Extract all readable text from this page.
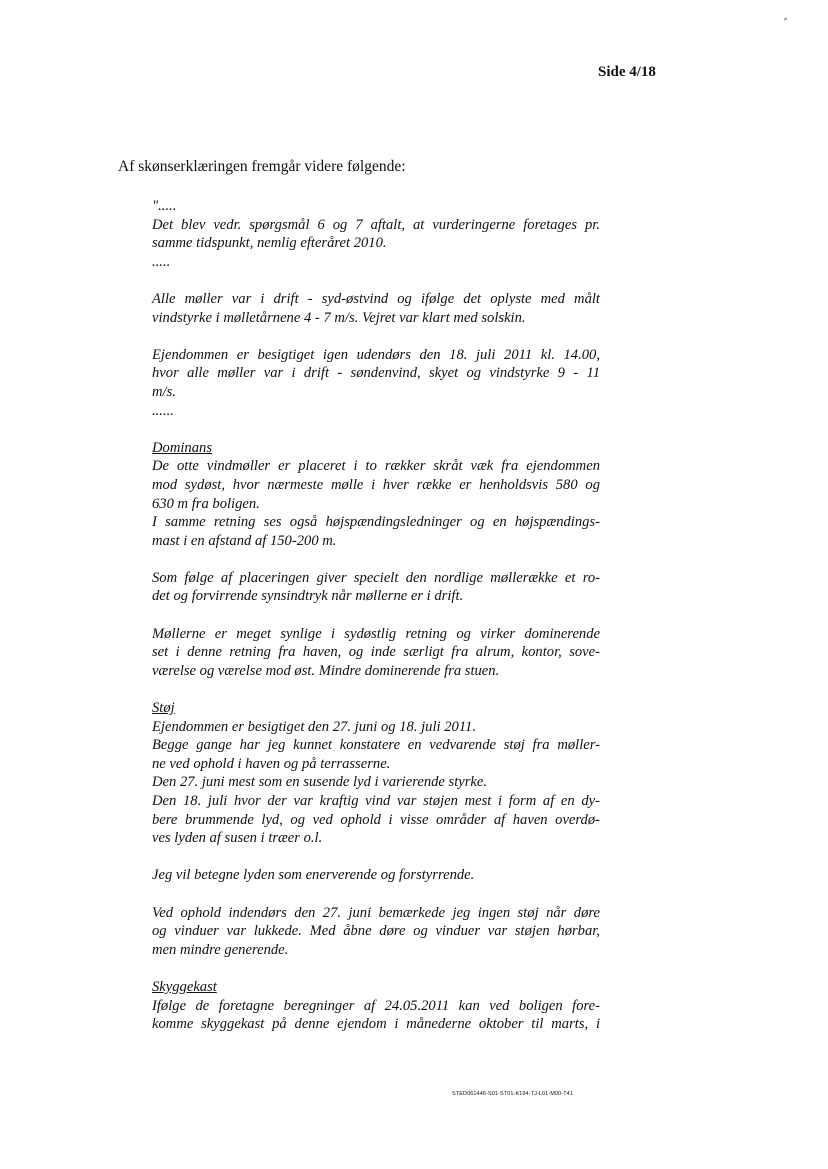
Side 4/18
Af skønserklæringen fremgår videre følgende:
".....

Det blev vedr. spørgsmål 6 og 7 aftalt, at vurderingerne foretages pr.
samme tidspunkt, nemlig efteråret 2010.

.....

Alle møller var i drift - syd-østvind og ifølge det oplyste med målt
vindstyrke i mølletårnene 4 - 7 m/s. Vejret var klart med solskin.

Ejendommen er besigtiget igen udendørs den 18. juli 2011 kl. 14.00,
hvor alle møller var i drift - søndenvind, skyet og vindstyrke 9 - 11
m/s.

......
Dominans

De otte vindmøller er placeret i to rækker skråt væk fra ejendommen
mod sydøst, hvor nærmeste mølle i hver række er henholdsvis 580 og
630 m fra boligen.

I samme retning ses også højspændingsledninger og en højspændings-
mast i en afstand af 150-200 m.

Som følge af placeringen giver specielt den nordlige møllerække et ro-
det og forvirrende synsindtryk når møllerne er i drift.

Møllerne er meget synlige i sydøstlig retning og virker dominerende
set i denne retning fra haven, og inde særligt fra alrum, kontor, sove-
værelse og værelse mod øst. Mindre dominerende fra stuen.

Støj

Ejendommen er besigtiget den 27. juni og 18. juli 2011.
Begge gange har jeg kunnet konstatere en vedvarende støj fra møller-
ne ved ophold i haven og på terrasserne.
Den 27. juni mest som en susende lyd i varierende styrke.
Den 18. juli hvor der var kraftig vind var støjen mest i form af en dy-
bere brummende lyd, og ved ophold i visse områder af haven overdø-
ves lyden af susen i træer o.l.

Jeg vil betegne lyden som enerverende og forstyrrende.

Ved ophold indendørs den 27. juni bemærkede jeg ingen støj når døre
og vinduer var lukkede. Med åbne døre og vinduer var støjen hørbar,
men mindre generende.

Skyggekast

Ifølge de foretagne beregninger af 24.05.2011 kan ved boligen fore-
komme skyggekast på denne ejendom i månederne oktober til marts, i

STED061446-S01-ST01-K194-TJ-L01-M00-T41
